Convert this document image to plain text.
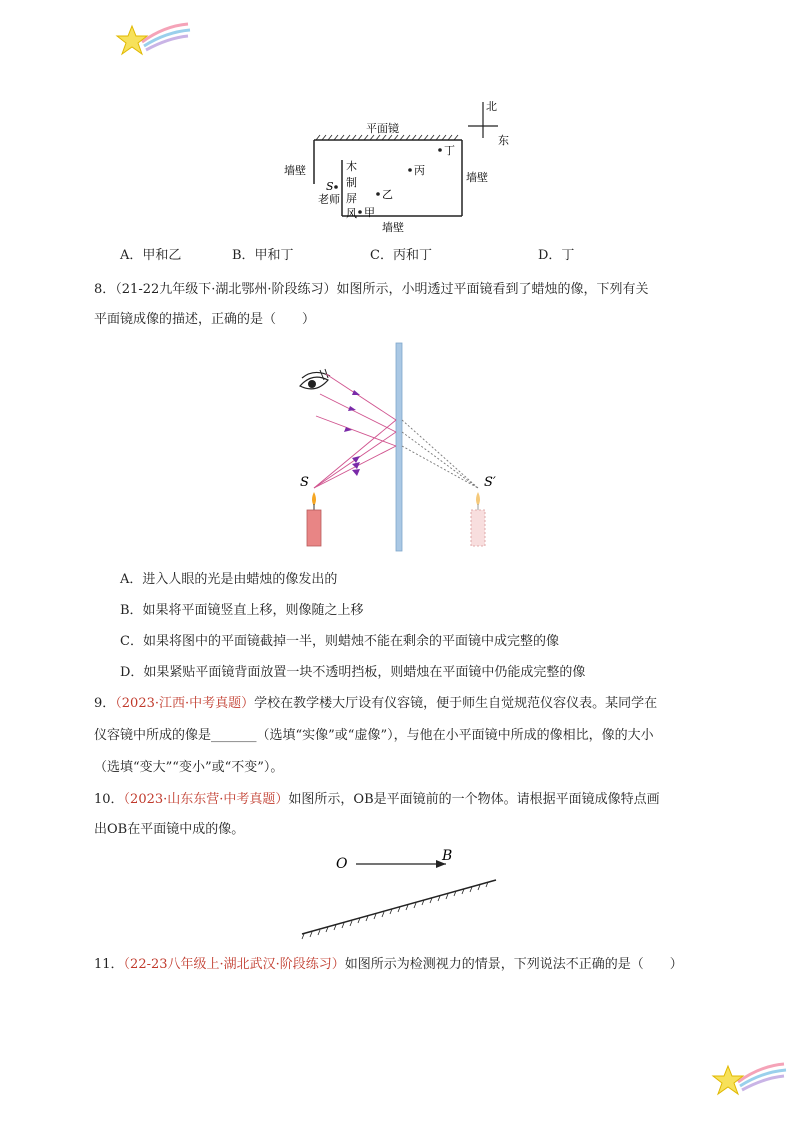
北
东
平面镜
墙壁
墙壁
墙壁
木
制
屏
风
S
老师
甲
乙
丙
丁
A．甲和乙	B．甲和丁	C．丙和丁	D．丁
8．（21-22九年级下·湖北鄂州·阶段练习）如图所示，小明透过平面镜看到了蜡烛的像，下列有关
平面镜成像的描述，正确的是（　　）
S	S′
A．进入人眼的光是由蜡烛的像发出的
B．如果将平面镜竖直上移，则像随之上移
C．如果将图中的平面镜截掉一半，则蜡烛不能在剩余的平面镜中成完整的像
D．如果紧贴平面镜背面放置一块不透明挡板，则蜡烛在平面镜中仍能成完整的像
9．（2023·江西·中考真题）学校在教学楼大厅设有仪容镜，便于师生自觉规范仪容仪表。某同学在
仪容镜中所成的像是_______（选填“实像”或“虚像”），与他在小平面镜中所成的像相比，像的大小
（选填“变大”“变小”或“不变”）。
10．（2023·山东东营·中考真题）如图所示，OB是平面镜前的一个物体。请根据平面镜成像特点画
出OB在平面镜中成的像。
O	B
11．（22-23八年级上·湖北武汉·阶段练习）如图所示为检测视力的情景，下列说法不正确的是（　　）
